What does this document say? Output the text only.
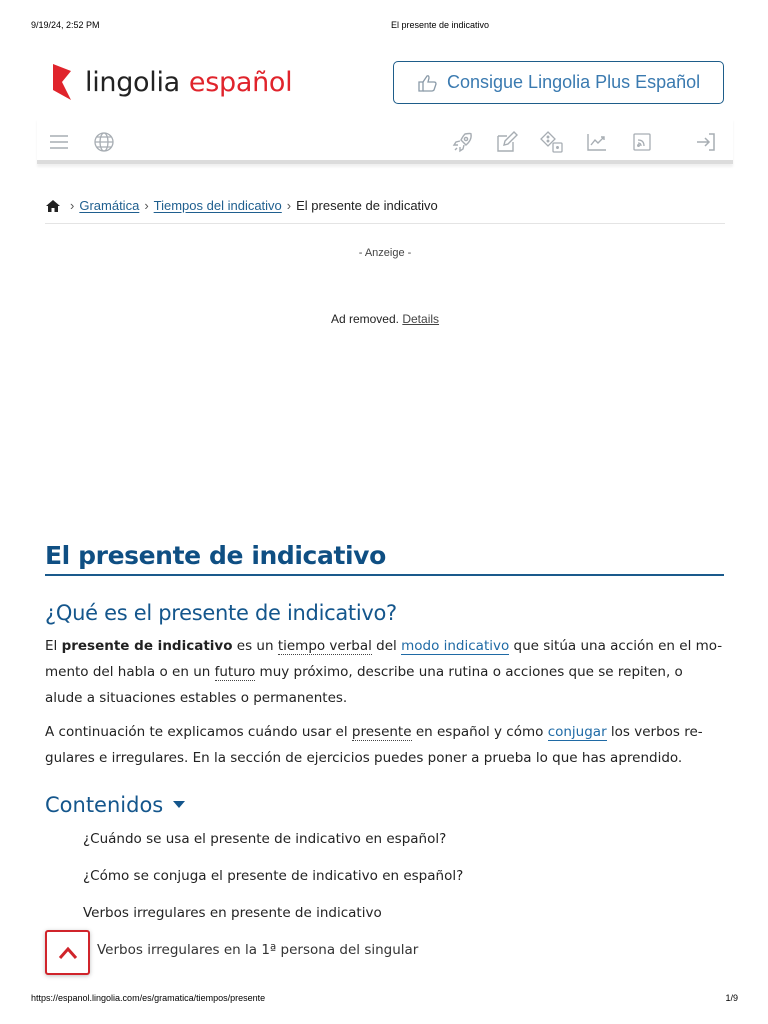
9/19/24, 2:52 PM	El presente de indicativo
lingolia español	Consigue Lingolia Plus Español
› Gramática › Tiempos del indicativo › El presente de indicativo
- Anzeige -
Ad removed. Details
El presente de indicativo
¿Qué es el presente de indicativo?

El presente de indicativo es un tiempo verbal del modo indicativo que sitúa una acción en el mo-
mento del habla o en un futuro muy próximo, describe una rutina o acciones que se repiten, o
alude a situaciones estables o permanentes.

A continuación te explicamos cuándo usar el presente en español y cómo conjugar los verbos re-
gulares e irregulares. En la sección de ejercicios puedes poner a prueba lo que has aprendido.

Contenidos
¿Cuándo se usa el presente de indicativo en español?
¿Cómo se conjuga el presente de indicativo en español?
Verbos irregulares en presente de indicativo
Verbos irregulares en la 1ª persona del singular
https://espanol.lingolia.com/es/gramatica/tiempos/presente	1/9
